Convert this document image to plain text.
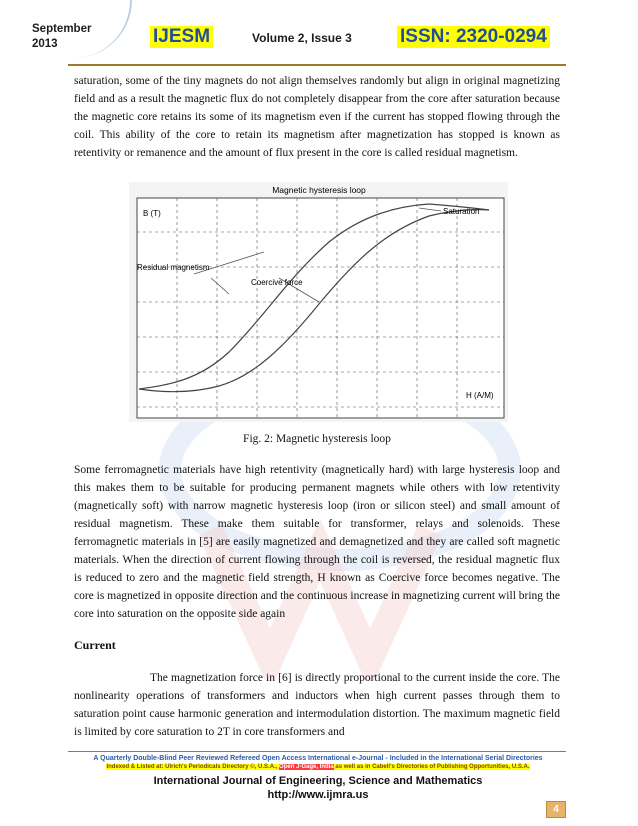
September 2013	IJESM	Volume 2, Issue 3	ISSN: 2320-0294

saturation, some of the tiny magnets do not align themselves randomly but align in original magnetizing field and as a result the magnetic flux do not completely disappear from the core after saturation because the magnetic core retains its some of its magnetism even if the current has stopped flowing through the coil. This ability of the core to retain its magnetism after magnetization has stopped is known as retentivity or remanence and the amount of flux present in the core is called residual magnetism.

Magnetic hysteresis loop
B (T)
H (A/M)
Saturation
Residual magnetism
Coercive force
Fig. 2: Magnetic hysteresis loop

Some ferromagnetic materials have high retentivity (magnetically hard) with large hysteresis loop and this makes them to be suitable for producing permanent magnets while others with low retentivity (magnetically soft) with narrow magnetic hysteresis loop (iron or silicon steel) and small amount of residual magnetism. These make them suitable for transformer, relays and solenoids. These ferromagnetic materials in [5] are easily magnetized and demagnetized and they are called soft magnetic materials. When the direction of current flowing through the coil is reversed, the residual magnetic flux is reduced to zero and the magnetic field strength, H known as Coercive force becomes negative. The core is magnetized in opposite direction and the continuous increase in magnetizing current will bring the core into saturation on the opposite side again

Current

The magnetization force in [6] is directly proportional to the current inside the core. The nonlinearity operations of transformers and inductors when high current passes through them to saturation point cause harmonic generation and intermodulation distortion. The maximum magnetic field is limited by core saturation to 2T in core transformers and

A Quarterly Double-Blind Peer Reviewed Refereed Open Access International e-Journal - Included in the International Serial Directories
Indexed & Listed at: Ulrich's Periodicals Directory ©, U.S.A., Open J-Gage, India as well as in Cabell's Directories of Publishing Opportunities, U.S.A.
International Journal of Engineering, Science and Mathematics
http://www.ijmra.us
4
